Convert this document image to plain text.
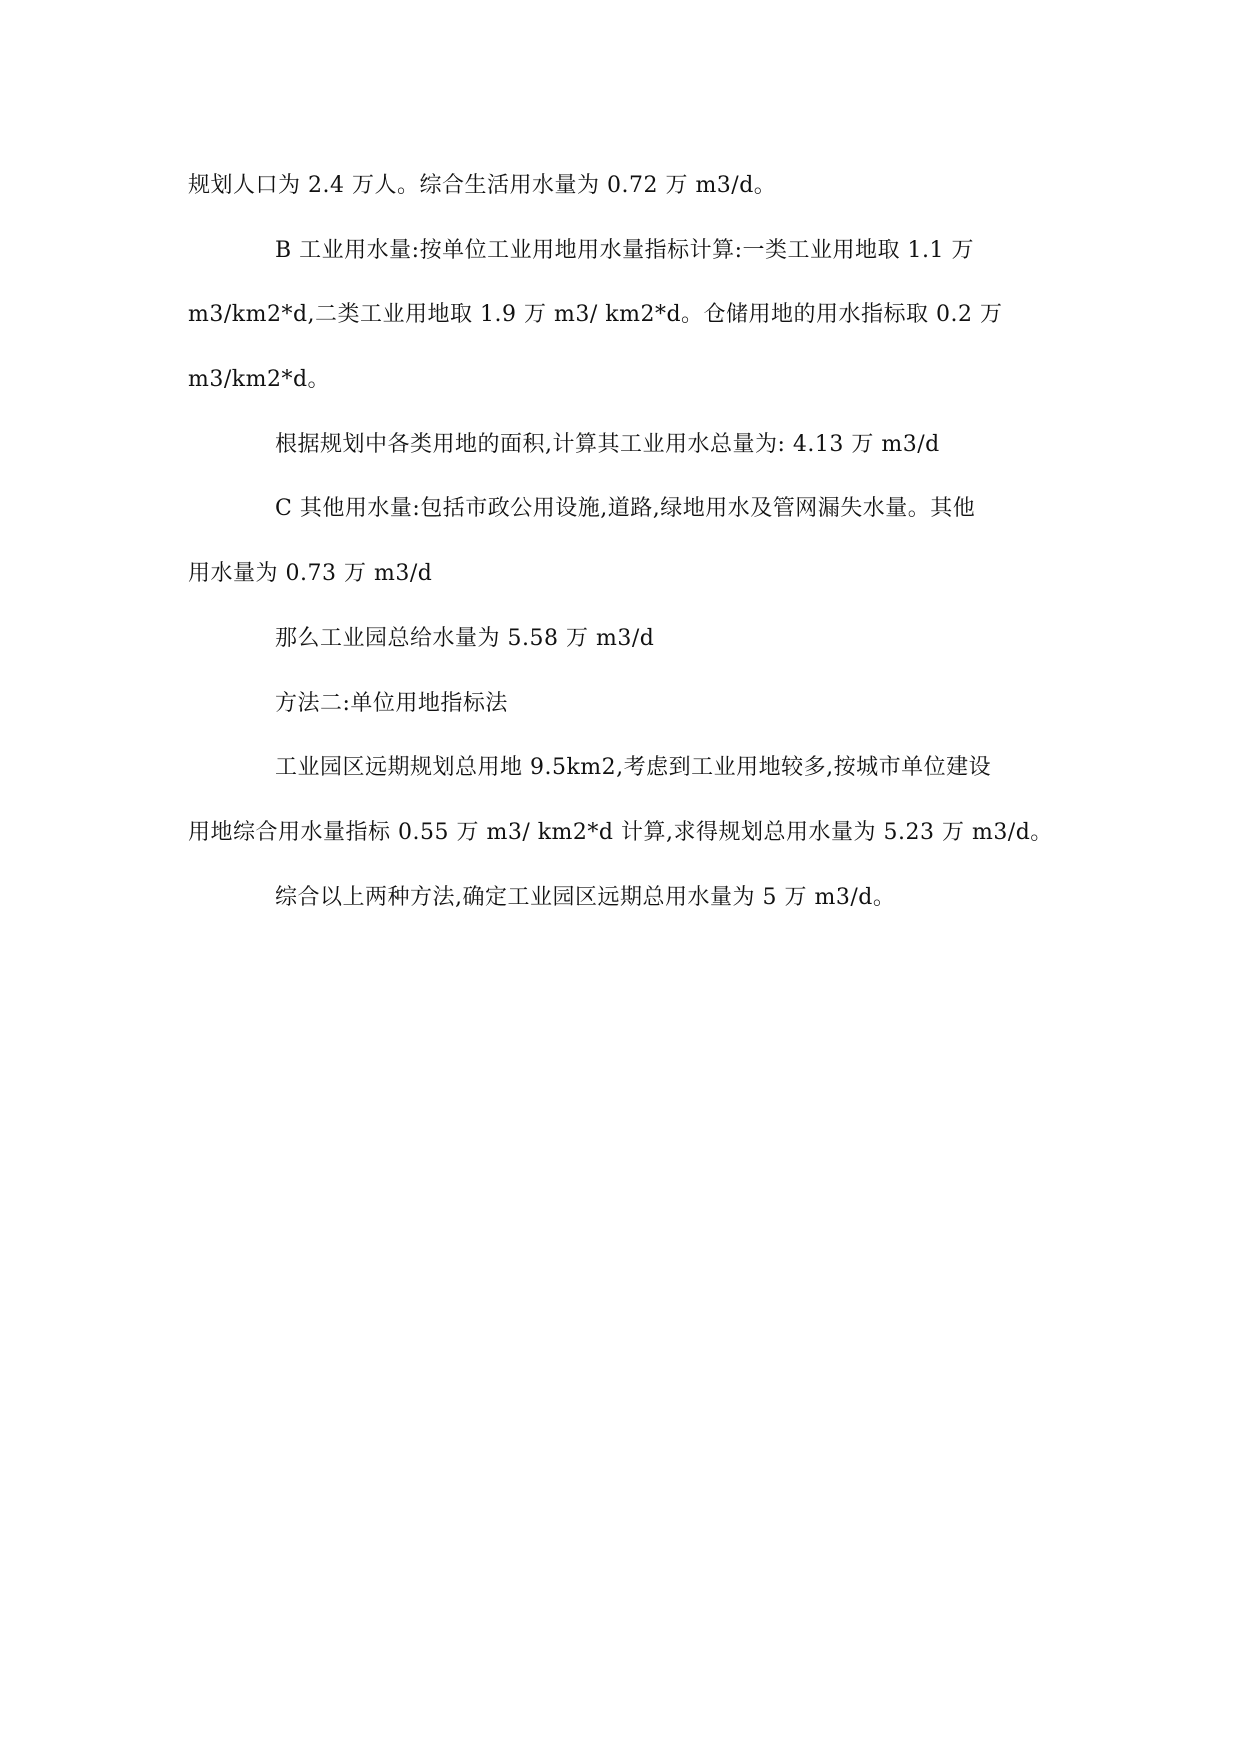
规划人口为 2.4 万人。综合生活用水量为 0.72 万 m3/d。
B 工业用水量:按单位工业用地用水量指标计算:一类工业用地取 1.1 万
m3/km2*d,二类工业用地取 1.9 万 m3/ km2*d。仓储用地的用水指标取 0.2 万
m3/km2*d。
根据规划中各类用地的面积,计算其工业用水总量为: 4.13 万 m3/d
C 其他用水量:包括市政公用设施,道路,绿地用水及管网漏失水量。其他
用水量为 0.73 万 m3/d
那么工业园总给水量为 5.58 万 m3/d
方法二:单位用地指标法
工业园区远期规划总用地 9.5km2,考虑到工业用地较多,按城市单位建设
用地综合用水量指标 0.55 万 m3/ km2*d 计算,求得规划总用水量为 5.23 万 m3/d。
综合以上两种方法,确定工业园区远期总用水量为 5 万 m3/d。
